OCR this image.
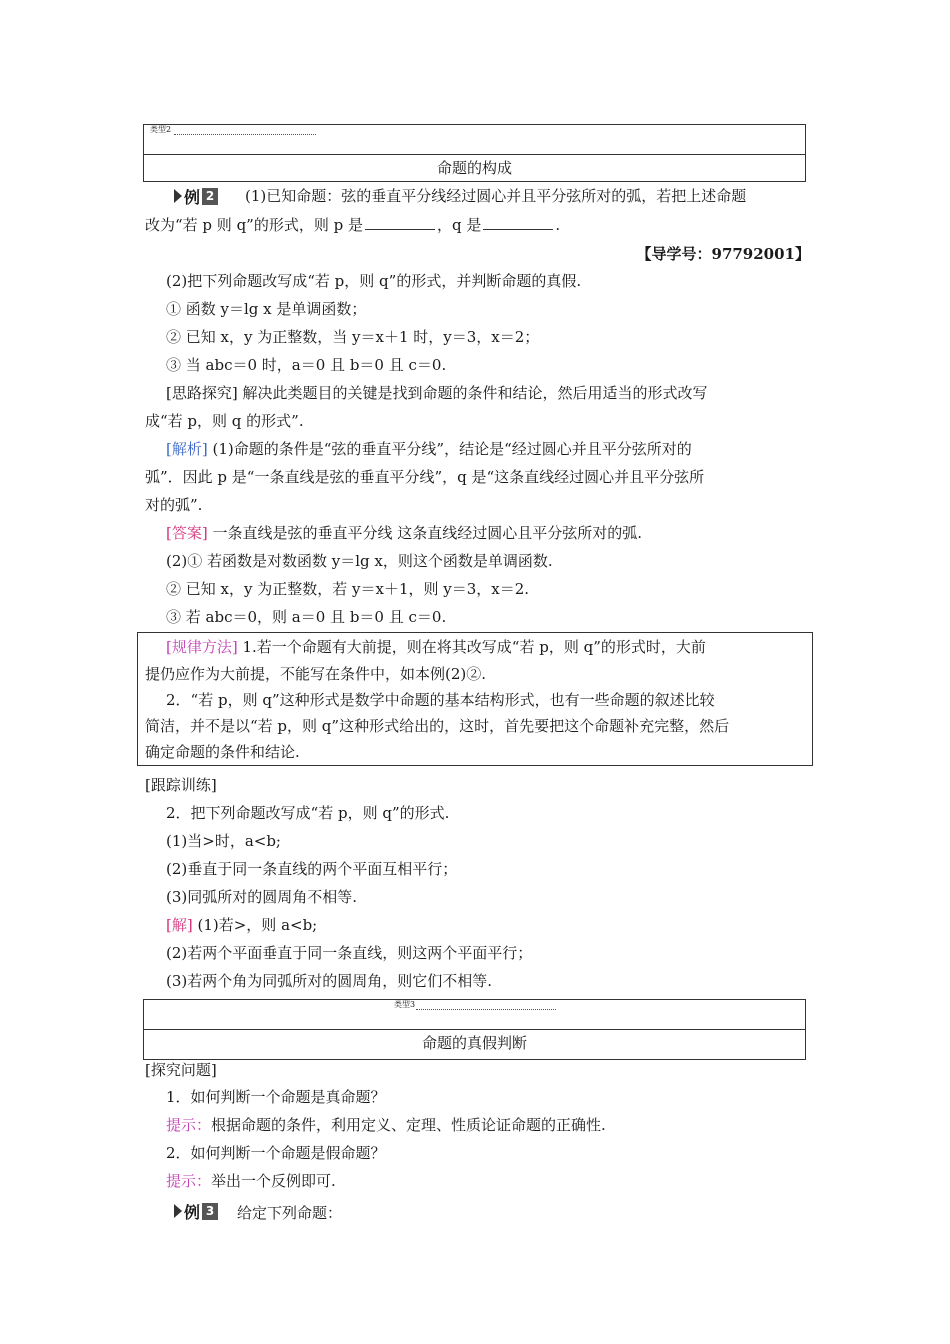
类型2
命题的构成
例 2 (1)已知命题：弦的垂直平分线经过圆心并且平分弦所对的弧，若把上述命题
改为“若 p 则 q”的形式，则 p 是	，q 是	.
【导学号：97792001】
(2)把下列命题改写成“若 p，则 q”的形式，并判断命题的真假.
① 函数 y＝lg x 是单调函数；
② 已知 x，y 为正整数，当 y＝x＋1 时，y＝3，x＝2；
③ 当 abc＝0 时，a＝0 且 b＝0 且 c＝0.
[思路探究] 解决此类题目的关键是找到命题的条件和结论，然后用适当的形式改写
成“若 p，则 q 的形式”.
[解析] (1)命题的条件是“弦的垂直平分线”，结论是“经过圆心并且平分弦所对的
弧”．因此 p 是“一条直线是弦的垂直平分线”，q 是“这条直线经过圆心并且平分弦所
对的弧”.
[答案] 一条直线是弦的垂直平分线 这条直线经过圆心且平分弦所对的弧.
(2)① 若函数是对数函数 y＝lg x，则这个函数是单调函数.
② 已知 x，y 为正整数，若 y＝x＋1，则 y＝3，x＝2.
③ 若 abc＝0，则 a＝0 且 b＝0 且 c＝0.
[规律方法] 1.若一个命题有大前提，则在将其改写成“若 p，则 q”的形式时，大前
提仍应作为大前提，不能写在条件中，如本例(2)②.
2．“若 p，则 q”这种形式是数学中命题的基本结构形式，也有一些命题的叙述比较
简洁，并不是以“若 p，则 q”这种形式给出的，这时，首先要把这个命题补充完整，然后
确定命题的条件和结论.
[跟踪训练]
2．把下列命题改写成“若 p，则 q”的形式.
(1)当>时，a<b;
(2)垂直于同一条直线的两个平面互相平行；
(3)同弧所对的圆周角不相等.
[解] (1)若>，则 a<b;
(2)若两个平面垂直于同一条直线，则这两个平面平行；
(3)若两个角为同弧所对的圆周角，则它们不相等.
类型3
命题的真假判断
[探究问题]
1．如何判断一个命题是真命题？
提示：根据命题的条件，利用定义、定理、性质论证命题的正确性.
2．如何判断一个命题是假命题？
提示：举出一个反例即可.
例 3 给定下列命题：
